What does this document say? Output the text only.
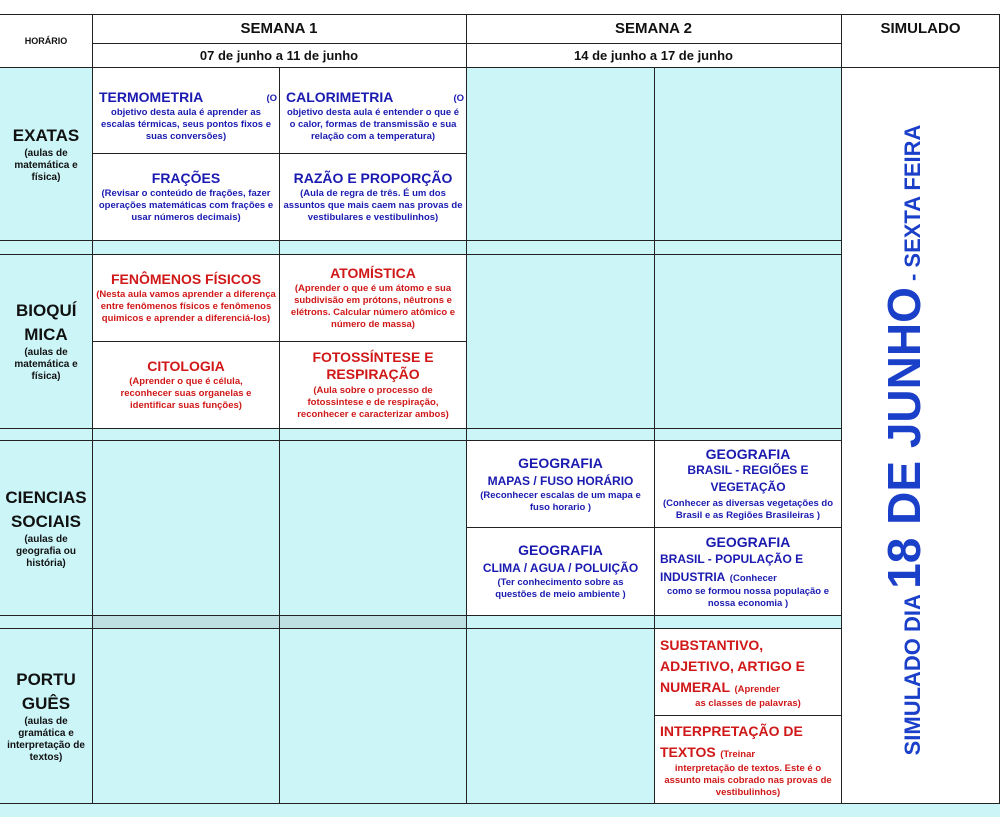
HORÁRIO
SEMANA 1
07 de junho a 11 de junho
SEMANA 2
14 de junho a 17 de junho
SIMULADO
EXATAS
(aulas de matemática e física)
BIOQUÍ MICA
(aulas de matemática e física)
CIENCIAS SOCIAIS
(aulas de geografia ou história)
PORTU GUÊS
(aulas de gramática e interpretação de textos)
TERMOMETRIA	(O
objetivo desta aula é aprender as escalas térmicas, seus pontos fixos e suas conversões)
CALORIMETRIA	(O
objetivo desta aula é entender o que é o calor, formas de transmissão e sua relação com a temperatura)
FRAÇÕES
(Revisar o conteúdo de frações, fazer operações matemáticas com frações e usar números decimais)
RAZÃO E PROPORÇÃO
(Aula de regra de três. É um dos assuntos que mais caem nas provas de vestibulares e vestibulinhos)
FENÔMENOS FÍSICOS
(Nesta aula vamos aprender a diferença entre fenômenos físicos e fenômenos quimicos e aprender a diferenciá-los)
ATOMÍSTICA
(Aprender o que é um átomo e sua subdivisão em prótons, nêutrons e elétrons. Calcular número atômico e número de massa)
CITOLOGIA
(Aprender o que é célula, reconhecer suas organelas e identificar suas funções)
FOTOSSÍNTESE E RESPIRAÇÃO
(Aula sobre o processo de fotossintese e de respiração, reconhecer e caracterizar ambos)
GEOGRAFIA
MAPAS / FUSO HORÁRIO
(Reconhecer escalas de um mapa e fuso horario )
GEOGRAFIA
BRASIL - REGIÕES E VEGETAÇÃO
(Conhecer as diversas vegetações do Brasil e as Regiões Brasileiras )
GEOGRAFIA
CLIMA / AGUA / POLUIÇÃO
(Ter conhecimento sobre as questões de meio ambiente )
GEOGRAFIA
BRASIL - POPULAÇÃO E INDUSTRIA (Conhecer
como se formou nossa população e nossa economia )
SUBSTANTIVO, ADJETIVO, ARTIGO E NUMERAL (Aprender
as classes de palavras)
INTERPRETAÇÃO DE TEXTOS (Treinar
interpretação de textos. Este é o assunto mais cobrado nas provas de vestibulinhos)
SIMULADO DIA 18 DE JUNHO - SEXTA FEIRA
